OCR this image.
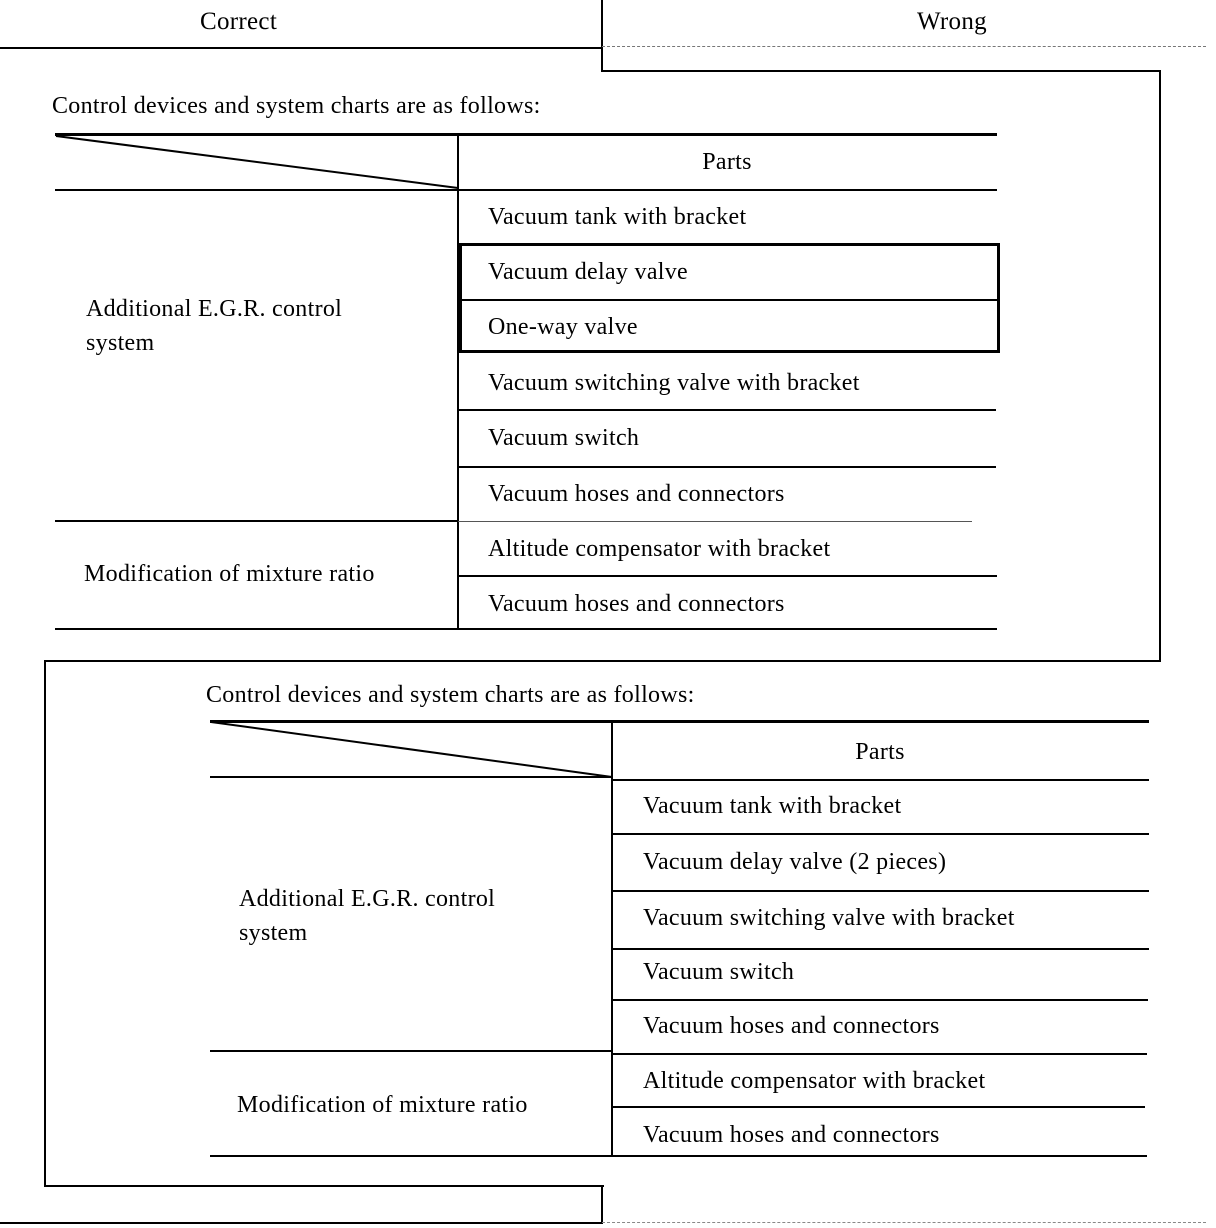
Correct	Wrong
Control devices and system charts are as follows:
Parts
Additional E.G.R. control system
Vacuum tank with bracket
Vacuum delay valve
One-way valve
Vacuum switching valve with bracket
Vacuum switch
Vacuum hoses and connectors
Modification of mixture ratio
Altitude compensator with bracket
Vacuum hoses and connectors
Control devices and system charts are as follows:
Parts
Additional E.G.R. control system
Vacuum tank with bracket
Vacuum delay valve (2 pieces)
Vacuum switching valve with bracket
Vacuum switch
Vacuum hoses and connectors
Modification of mixture ratio
Altitude compensator with bracket
Vacuum hoses and connectors
